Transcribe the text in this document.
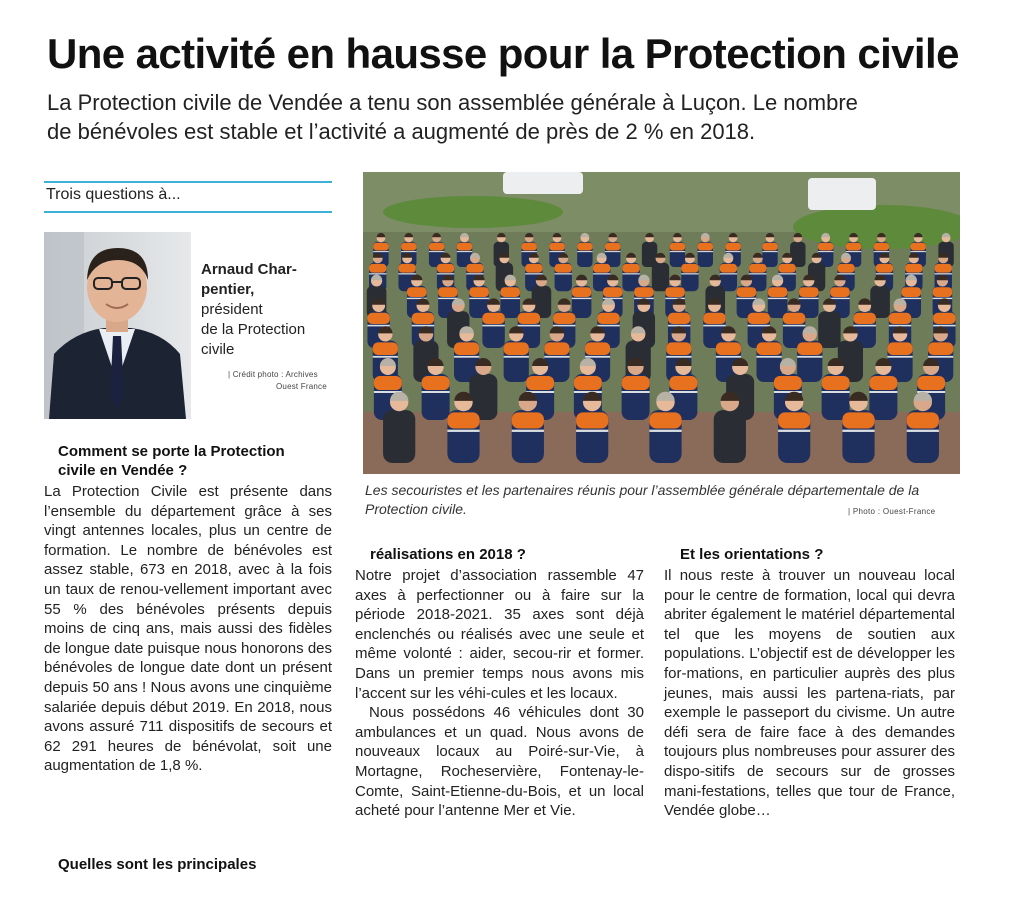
Une activité en hausse pour la Protection civile
La Protection civile de Vendée a tenu son assemblée générale à Luçon. Le nombre
de bénévoles est stable et l’activité a augmenté de près de 2 % en 2018.
Trois questions à...
Arnaud Char-
pentier,
président
de la Protection
civile
| Crédit photo : Archives
Ouest France
Comment se porte la Protection
civile en Vendée ?

La Protection Civile est présente dans l’ensemble du département grâce à ses vingt antennes locales, plus un centre de formation. Le nombre de bénévoles est assez stable, 673 en 2018, avec à la fois un taux de renou-vellement important avec 55 % des bénévoles présents depuis moins de cinq ans, mais aussi des fidèles de longue date puisque nous honorons des bénévoles de longue date dont un présent depuis 50 ans ! Nous avons une cinquième salariée depuis début 2019. En 2018, nous avons assuré 711 dispositifs de secours et 62 291 heures de bénévolat, soit une augmentation de 1,8 %.

Quelles sont les principales
réalisations en 2018 ?

Notre projet d’association rassemble 47 axes à perfectionner ou à faire sur la période 2018-2021. 35 axes sont déjà enclenchés ou réalisés avec une seule et même volonté : aider, secou-rir et former. Dans un premier temps nous avons mis l’accent sur les véhi-cules et les locaux.

Nous possédons 46 véhicules dont 30 ambulances et un quad. Nous avons de nouveaux locaux au Poiré-sur-Vie, à Mortagne, Rocheservière, Fontenay-le-Comte, Saint-Etienne-du-Bois, et un local acheté pour l’antenne Mer et Vie.

Et les orientations ?

Il nous reste à trouver un nouveau local pour le centre de formation, local qui devra abriter également le matériel départemental tel que les moyens de soutien aux populations. L’objectif est de développer les for-mations, en particulier auprès des plus jeunes, mais aussi les partena-riats, par exemple le passeport du civisme. Un autre défi sera de faire face à des demandes toujours plus nombreuses pour assurer des dispo-sitifs de secours sur de grosses mani-festations, telles que tour de France, Vendée globe…

Les secouristes et les partenaires réunis pour l’assemblée générale départementale de la Protection civile.	| Photo : Ouest-France
